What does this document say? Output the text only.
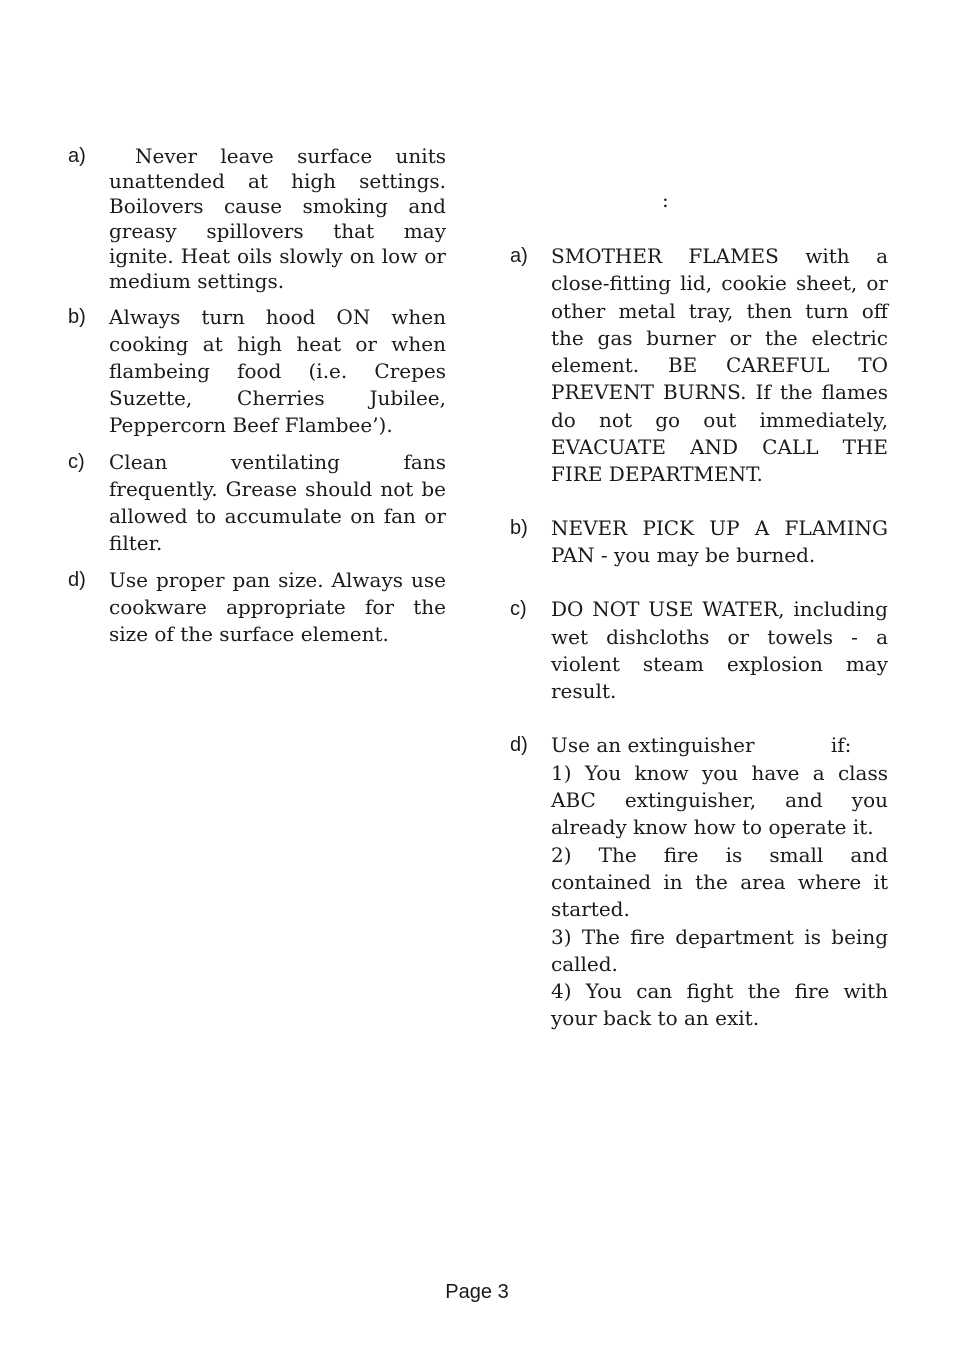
a)	Never leave surface units unattended at high settings. Boilovers cause smoking and greasy spillovers that may ignite. Heat oils slowly on low or medium settings.
b) Always turn hood ON when cooking at high heat or when flambeing food (i.e. Crepes Suzette, Cherries Jubilee, Peppercorn Beef Flambee’).
c) Clean ventilating fans frequently. Grease should not be allowed to accumulate on fan or filter.
d) Use proper pan size. Always use cookware appropriate for the size of the surface element.
:
a) SMOTHER FLAMES with a close-fitting lid, cookie sheet, or other metal tray, then turn off the gas burner or the electric element. BE CAREFUL TO PREVENT BURNS. If the flames do not go out immediately, EVACUATE AND CALL THE FIRE DEPARTMENT.
b) NEVER PICK UP A FLAMING PAN - you may be burned.
c) DO NOT USE WATER, including wet dishcloths or towels - a violent steam explosion may result.
d) Use an extinguisher            if:
1) You know you have a class ABC extinguisher, and you already know how to operate it.
2) The fire is small and contained in the area where it started.
3) The fire department is being called.
4) You can fight the fire with your back to an exit.
Page 3
